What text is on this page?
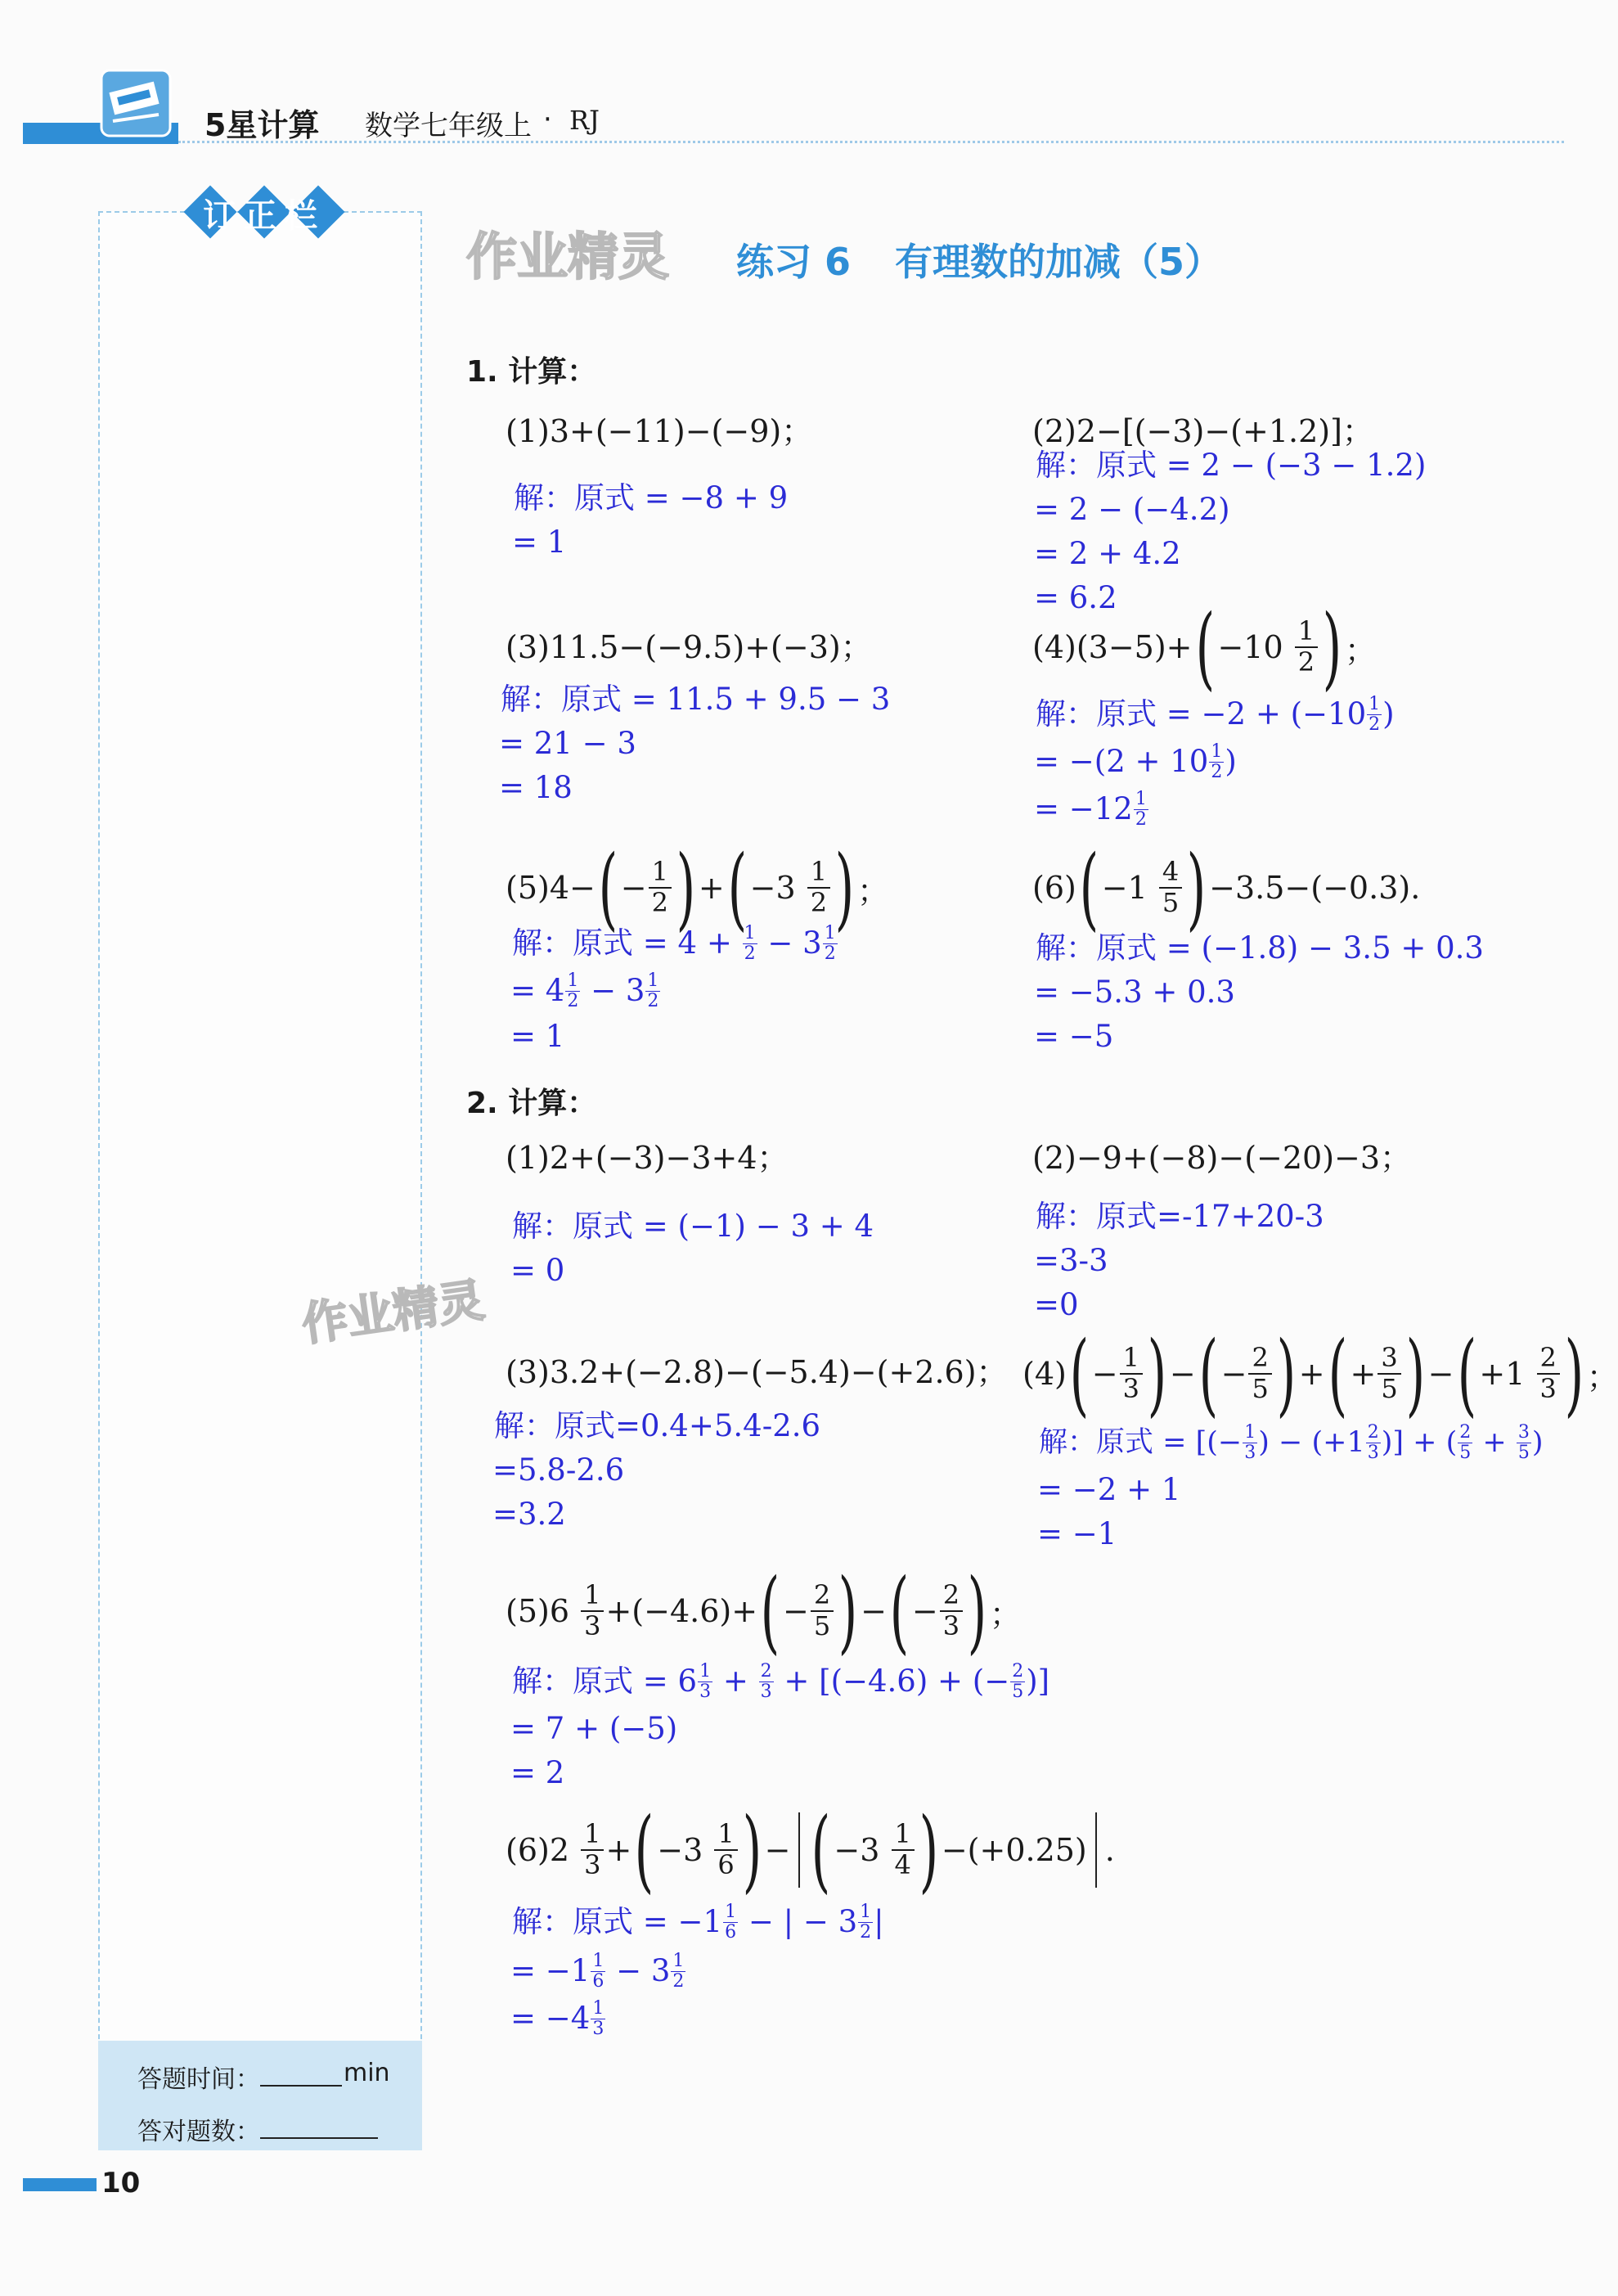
5星计算 数学七年级上 · RJ
订正栏
答题时间：	min
答对题数：
作业精灵
作业精灵
练习 6 有理数的加减（5）
1. 计算：
(1)3+(−11)−(−9)；
解：原式
= −8 + 9
= 1
(2)2−[(−3)−(+1.2)]；
解：原式
= 2 − (−3 − 1.2)
= 2 − (−4.2)
= 2 + 4.2
= 6.2
(3)11.5−(−9.5)+(−3)；
解：原式
= 11.5 + 9.5 − 3
= 21 − 3
= 18
(4)(3−5)+ ( −10
$\frac{1}{2}$ ) ；
解：原式
= −2 + (−10 1
2 )
= −(2 + 10 1
2 )
= −12 1
2
(5)4− ( − $\frac{1}{2}$ ) + ( −3
$\frac{1}{2}$ ) ；
解：原式
= 4 +
$\frac{1}{2} - 3$ 1
2
= 4 1
2 − 3 1
2
= 1
(6) ( −1
$\frac{4}{5}$ ) −3.5−(−0.3).
解：原式
= (−1.8) − 3.5 + 0.3
= −5.3 + 0.3
= −5
2. 计算：
(1)2+(−3)−3+4；
解：原式
= (−1) − 3 + 4
= 0
(2)−9+(−8)−(−20)−3；
解：原式 =-17+20-3
=3-3
=0
(3)3.2+(−2.8)−(−5.4)−(+2.6)；
解：原式 =0.4+5.4-2.6
=5.8-2.6
=3.2
(4) ( − $\frac{1}{3}$ ) − ( − $\frac{2}{5}$ ) + ( + $\frac{3}{5}$ ) − ( +1
$\frac{2}{3}$ ) ；
解：原式
= [(− $\frac{1}{3}$ ) − (+1 2
3 )] + ( 2
5 + 3
5 )
= −2 + 1
= −1
(5)6
$\frac{1}{3} +(-4.6)+$ ( − $\frac{2}{5}$ ) − ( − $\frac{2}{3}$ ) ；
解：原式
= 6 1
3 + 2
3
+ [(−4.6) + (− $\frac{2}{5}$ )]
= 7 + (−5)
= 2
(6)2
$\frac{1}{3}$ + ( −3
$\frac{1}{6}$ ) − ( −3
$\frac{1}{4}$ ) −(+0.25) .
解：原式
= −1 1
6 − | − 3 1
2 |
= −1 1
6 − 3 1
2
= −4 1
3
10
